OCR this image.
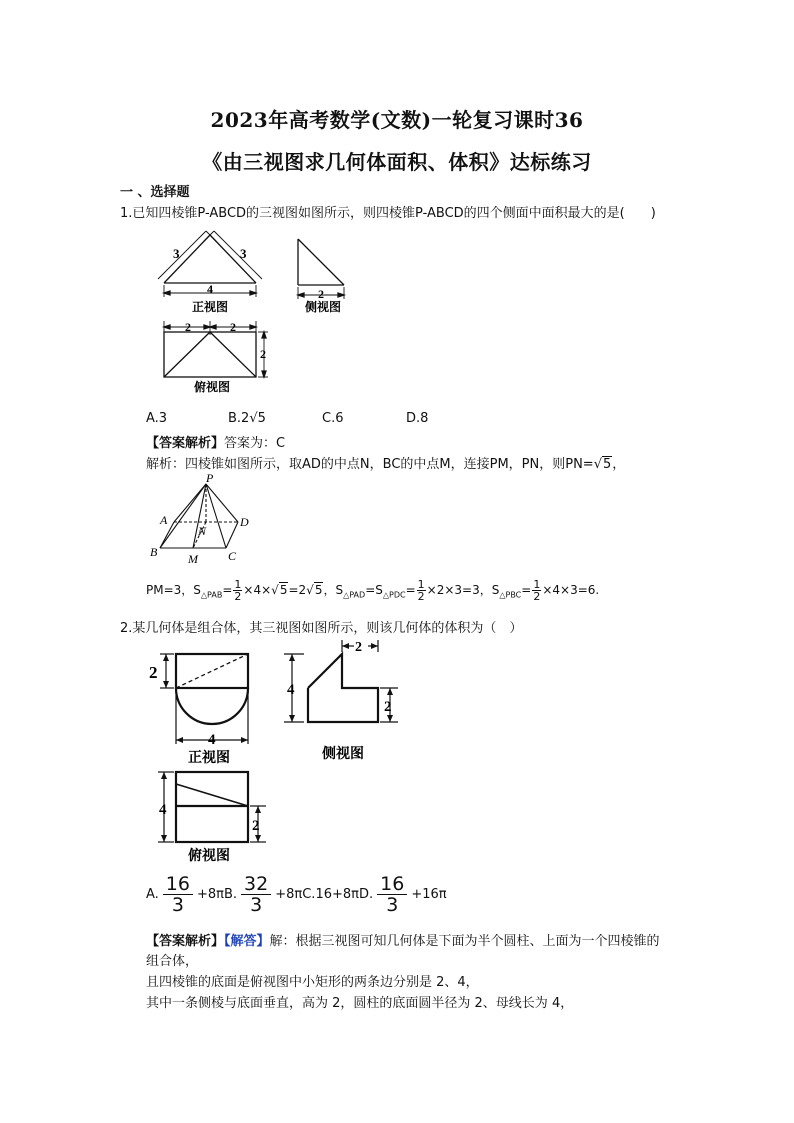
2023年高考数学(文数)一轮复习课时36
《由三视图求几何体面积、体积》达标练习
一 、选择题
1.已知四棱锥P-ABCD的三视图如图所示，则四棱锥P-ABCD的四个侧面中面积最大的是(　　)
3	3
4
正视图
2
侧视图
2	2
2
俯视图
A.3	B.2√5	C.6	D.8
【答案解析】答案为：C
解析：四棱锥如图所示，取AD的中点N，BC的中点M，连接PM，PN，则PN=√5，
P
A	D
N
B	M	C
PM=3，$S_{\triangle PAB}= \frac{1}{2} \times 4\times√5=2√5$，$S_{\triangle PAD}=S_{\triangle PDC}= \frac{1}{2} \times 2\times 3=3$，$S_{\triangle PBC}= \frac{1}{2} \times 4\times 3=6$.
2.某几何体是组合体，其三视图如图所示，则该几何体的体积为（　）
2
4
正视图
2
4
2
侧视图
4
2
俯视图
A. $\frac{16}{3} +8\pi B$. $\frac{32}{3} +8\pi C.16+8\pi D$. $\frac{16}{3} +16\pi$
【答案解析】【解答】解：根据三视图可知几何体是下面为半个圆柱、上面为一个四棱锥的
组合体，
且四棱锥的底面是俯视图中小矩形的两条边分别是 2、4，
其中一条侧棱与底面垂直，高为 2，圆柱的底面圆半径为 2、母线长为 4，
